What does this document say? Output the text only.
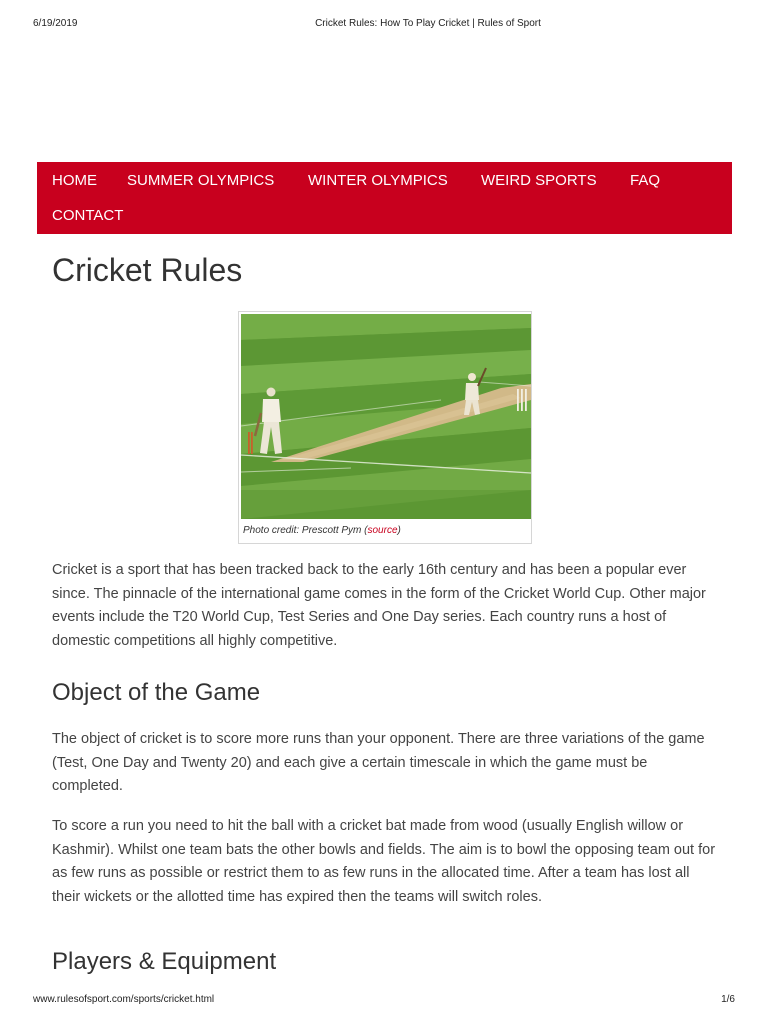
6/19/2019	Cricket Rules: How To Play Cricket | Rules of Sport
HOME SUMMER OLYMPICS WINTER OLYMPICS WEIRD SPORTS FAQ
CONTACT
Cricket Rules
Photo credit: Prescott Pym (source)

Cricket is a sport that has been tracked back to the early 16th century and has been a popular ever since. The pinnacle of the international game comes in the form of the Cricket World Cup. Other major events include the T20 World Cup, Test Series and One Day series. Each country runs a host of domestic competitions all highly competitive.

Object of the Game

The object of cricket is to score more runs than your opponent. There are three variations of the game (Test, One Day and Twenty 20) and each give a certain timescale in which the game must be completed.

To score a run you need to hit the ball with a cricket bat made from wood (usually English willow or Kashmir). Whilst one team bats the other bowls and fields. The aim is to bowl the opposing team out for as few runs as possible or restrict them to as few runs in the allocated time. After a team has lost all their wickets or the allotted time has expired then the teams will switch roles.

Players & Equipment
www.rulesofsport.com/sports/cricket.html	1/6
